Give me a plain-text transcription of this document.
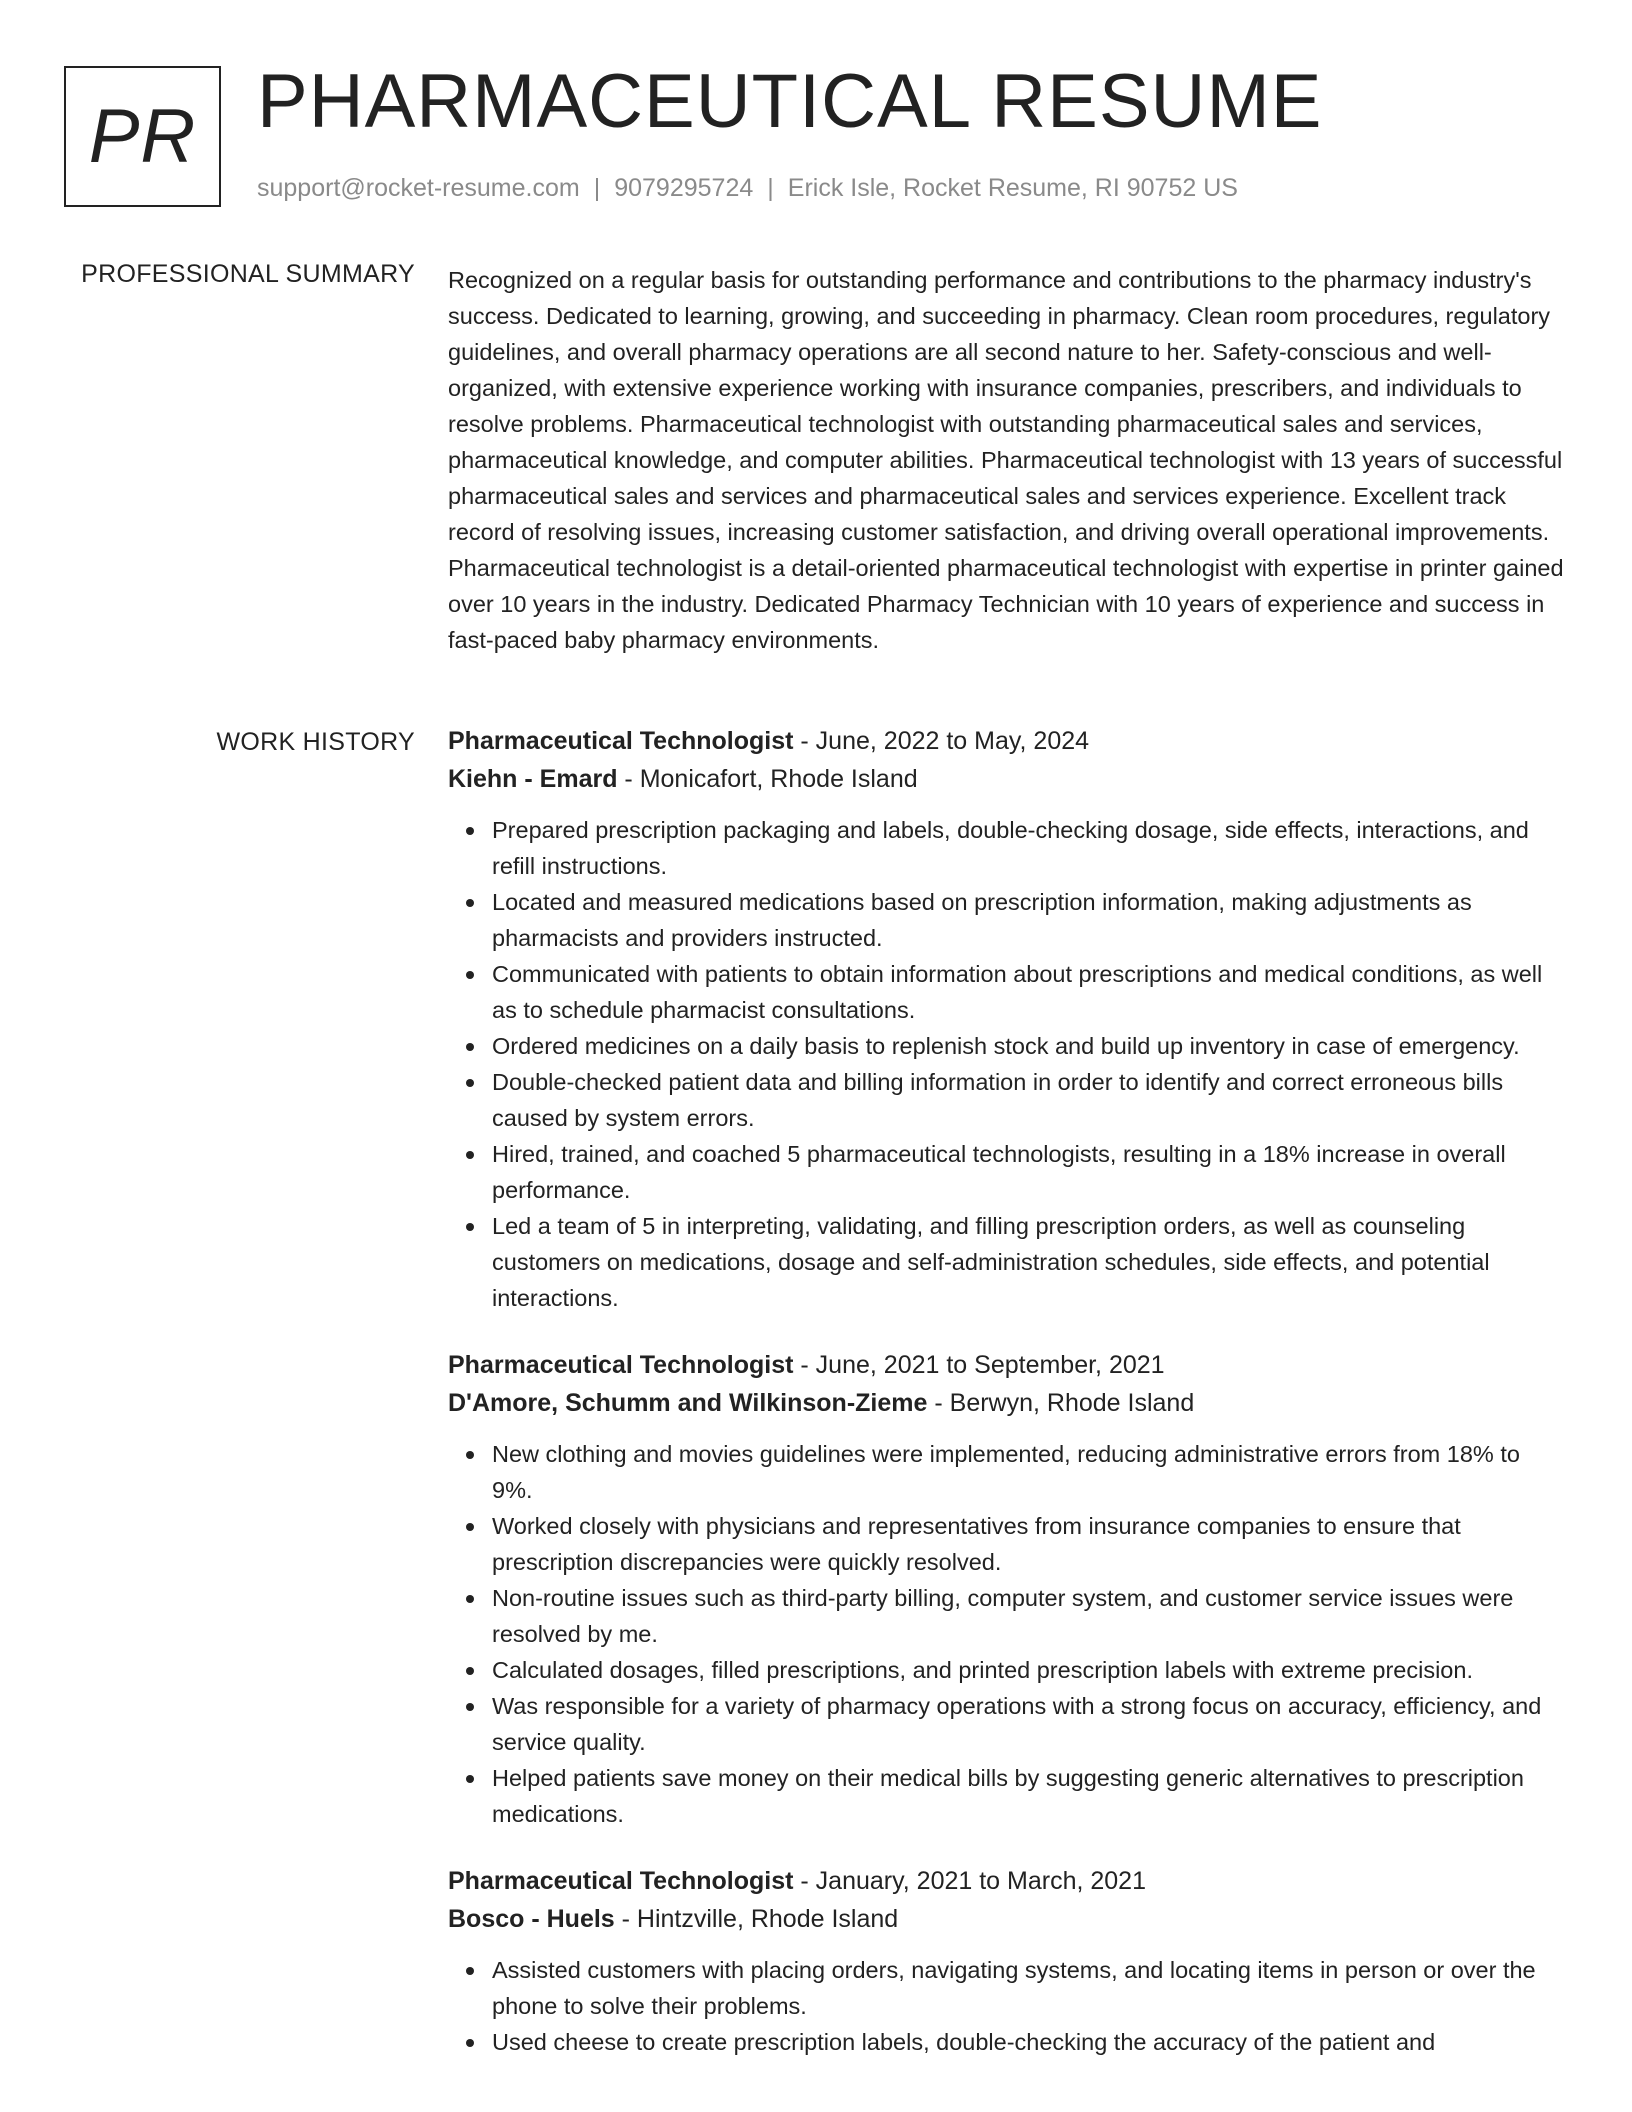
PR PHARMACEUTICAL RESUME
support@rocket-resume.com | 9079295724 | Erick Isle, Rocket Resume, RI 90752 US
PROFESSIONAL SUMMARY Recognized on a regular basis for outstanding performance and contributions to the pharmacy industry's success. Dedicated to learning, growing, and succeeding in pharmacy. Clean room procedures, regulatory guidelines, and overall pharmacy operations are all second nature to her. Safety-conscious and well-organized, with extensive experience working with insurance companies, prescribers, and individuals to resolve problems. Pharmaceutical technologist with outstanding pharmaceutical sales and services, pharmaceutical knowledge, and computer abilities. Pharmaceutical technologist with 13 years of successful pharmaceutical sales and services and pharmaceutical sales and services experience. Excellent track record of resolving issues, increasing customer satisfaction, and driving overall operational improvements. Pharmaceutical technologist is a detail-oriented pharmaceutical technologist with expertise in printer gained over 10 years in the industry. Dedicated Pharmacy Technician with 10 years of experience and success in fast-paced baby pharmacy environments.

WORK HISTORY Pharmaceutical Technologist - June, 2022 to May, 2024
Kiehn - Emard - Monicafort, Rhode Island
Prepared prescription packaging and labels, double-checking dosage, side effects, interactions, and refill instructions.
Located and measured medications based on prescription information, making adjustments as pharmacists and providers instructed.
Communicated with patients to obtain information about prescriptions and medical conditions, as well as to schedule pharmacist consultations.
Ordered medicines on a daily basis to replenish stock and build up inventory in case of emergency.
Double-checked patient data and billing information in order to identify and correct erroneous bills caused by system errors.
Hired, trained, and coached 5 pharmaceutical technologists, resulting in a 18% increase in overall performance.
Led a team of 5 in interpreting, validating, and filling prescription orders, as well as counseling customers on medications, dosage and self-administration schedules, side effects, and potential interactions.
Pharmaceutical Technologist - June, 2021 to September, 2021
D'Amore, Schumm and Wilkinson-Zieme - Berwyn, Rhode Island
New clothing and movies guidelines were implemented, reducing administrative errors from 18% to 9%.
Worked closely with physicians and representatives from insurance companies to ensure that prescription discrepancies were quickly resolved.
Non-routine issues such as third-party billing, computer system, and customer service issues were resolved by me.
Calculated dosages, filled prescriptions, and printed prescription labels with extreme precision.
Was responsible for a variety of pharmacy operations with a strong focus on accuracy, efficiency, and service quality.
Helped patients save money on their medical bills by suggesting generic alternatives to prescription medications.
Pharmaceutical Technologist - January, 2021 to March, 2021
Bosco - Huels - Hintzville, Rhode Island
Assisted customers with placing orders, navigating systems, and locating items in person or over the phone to solve their problems.
Used cheese to create prescription labels, double-checking the accuracy of the patient and
